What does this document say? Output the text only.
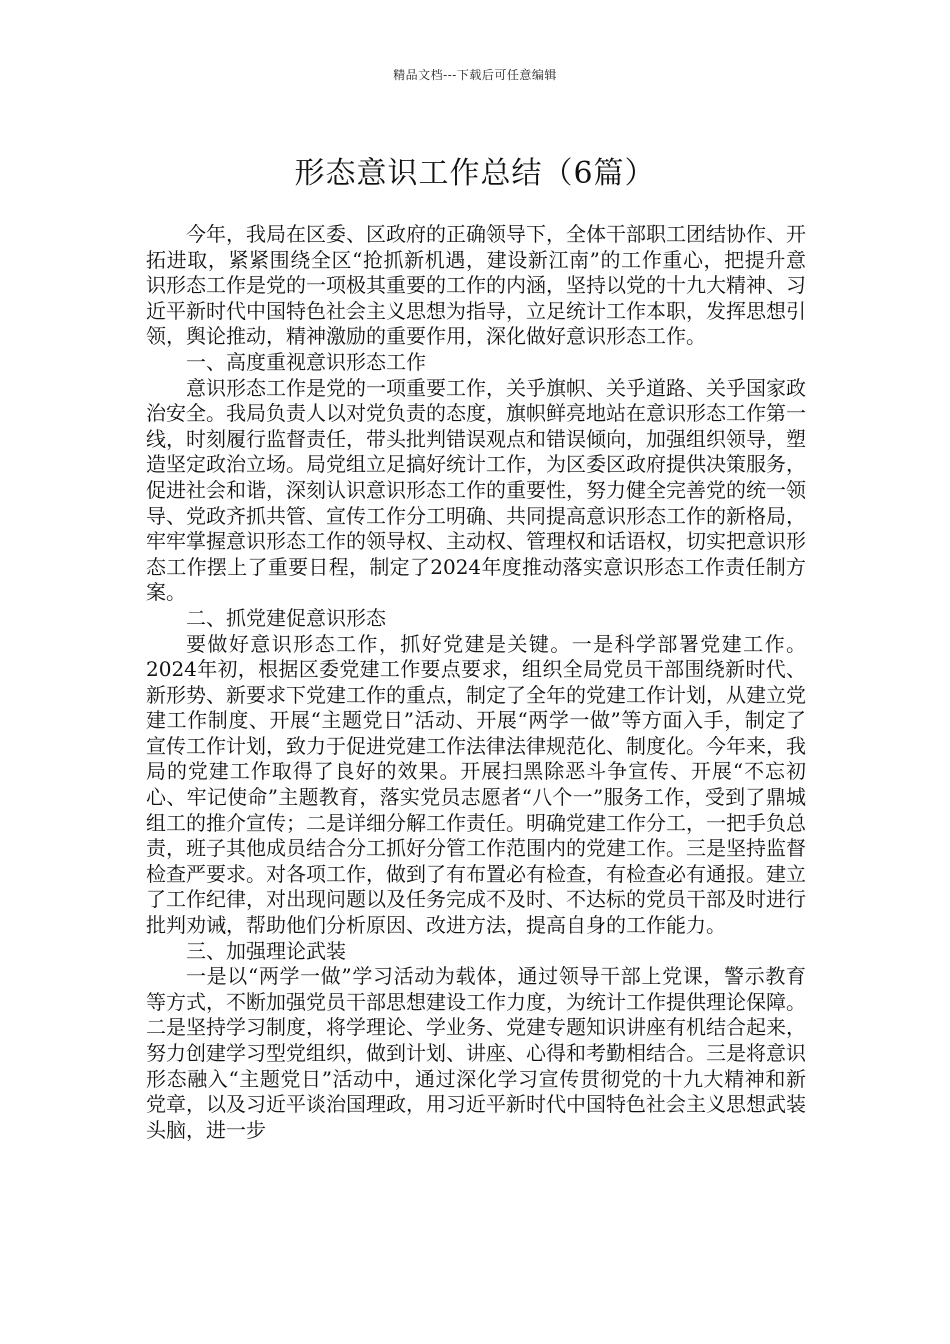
精品文档---下载后可任意编辑
形态意识工作总结（6篇）

今年，我局在区委、区政府的正确领导下，全体干部职工团结协作、开拓进取，紧紧围绕全区“抢抓新机遇，建设新江南”的工作重心，把提升意识形态工作是党的一项极其重要的工作的内涵，坚持以党的十九大精神、习近平新时代中国特色社会主义思想为指导，立足统计工作本职，发挥思想引领，舆论推动，精神激励的重要作用，深化做好意识形态工作。

一、高度重视意识形态工作

意识形态工作是党的一项重要工作，关乎旗帜、关乎道路、关乎国家政治安全。我局负责人以对党负责的态度，旗帜鲜亮地站在意识形态工作第一线，时刻履行监督责任，带头批判错误观点和错误倾向，加强组织领导，塑造坚定政治立场。局党组立足搞好统计工作，为区委区政府提供决策服务，促进社会和谐，深刻认识意识形态工作的重要性，努力健全完善党的统一领导、党政齐抓共管、宣传工作分工明确、共同提高意识形态工作的新格局，牢牢掌握意识形态工作的领导权、主动权、管理权和话语权，切实把意识形态工作摆上了重要日程，制定了2024年度推动落实意识形态工作责任制方案。

二、抓党建促意识形态

要做好意识形态工作，抓好党建是关键。一是科学部署党建工作。2024年初，根据区委党建工作要点要求，组织全局党员干部围绕新时代、新形势、新要求下党建工作的重点，制定了全年的党建工作计划，从建立党建工作制度、开展“主题党日”活动、开展“两学一做”等方面入手，制定了宣传工作计划，致力于促进党建工作法律法律规范化、制度化。今年来，我局的党建工作取得了良好的效果。开展扫黑除恶斗争宣传、开展“不忘初心、牢记使命”主题教育，落实党员志愿者“八个一”服务工作，受到了鼎城组工的推介宣传；二是详细分解工作责任。明确党建工作分工，一把手负总责，班子其他成员结合分工抓好分管工作范围内的党建工作。三是坚持监督检查严要求。对各项工作，做到了有布置必有检查，有检查必有通报。建立了工作纪律，对出现问题以及任务完成不及时、不达标的党员干部及时进行批判劝诫，帮助他们分析原因、改进方法，提高自身的工作能力。

三、加强理论武装

一是以“两学一做”学习活动为载体，通过领导干部上党课，警示教育等方式，不断加强党员干部思想建设工作力度，为统计工作提供理论保障。二是坚持学习制度，将学理论、学业务、党建专题知识讲座有机结合起来，努力创建学习型党组织，做到计划、讲座、心得和考勤相结合。三是将意识形态融入“主题党日”活动中，通过深化学习宣传贯彻党的十九大精神和新党章，以及习近平谈治国理政，用习近平新时代中国特色社会主义思想武装头脑，进一步
